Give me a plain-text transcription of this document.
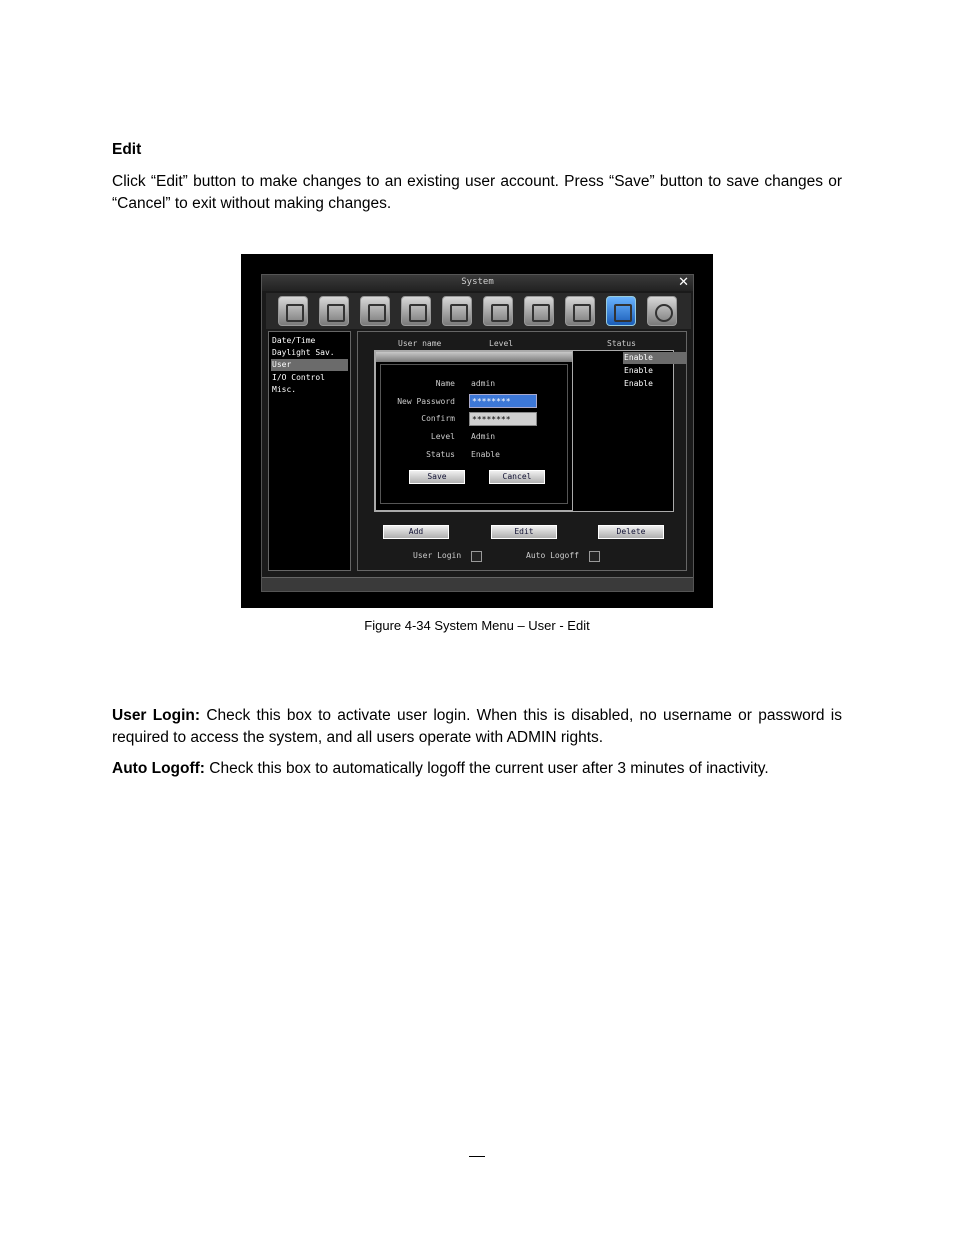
Edit

Click “Edit” button to make changes to an existing user account. Press “Save” button to save changes or “Cancel” to exit without making changes.

System	✕
Date/Time
Daylight Sav.
User
I/O Control
Misc.
User name	Level	Status
Enable
Enable
Enable
Name admin
New Password	********
Confirm	********
Level Admin
Status Enable
Save	Cancel
Add	Edit	Delete
User Login	Auto Logoff
Figure 4-34 System Menu – User - Edit

User Login: Check this box to activate user login. When this is disabled, no username or password is required to access the system, and all users operate with ADMIN rights.

Auto Logoff: Check this box to automatically logoff the current user after 3 minutes of inactivity.
